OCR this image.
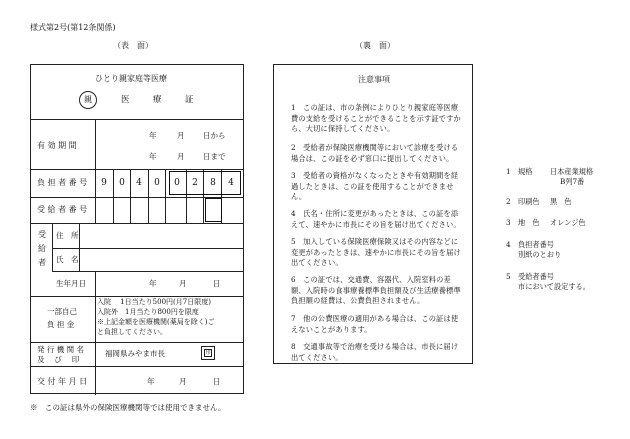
様式第2号(第12条関係)
（表　面）	（裏　面）
ひとり親家庭等医療
親	医	療	証
有 効 期 間
年	月 日から
年	月 日まで
負 担 者 番 号	9	0	4	0	0	2	8	4
受 給 者 番 号
受
給
者
住　所
氏　名
生年月日	年	月	日
一部自己
負 担 金
入院　 1日当たり500円(月7日限度)
入院外　1月当たり800円を限度
※上記金額を医療機関(薬局を除く)ご
と負担してください。
発 行 機 関 名
及　 び　 印
福岡県みやま市長	印
交 付 年 月 日	年	月	日
※　この証は県外の保険医療機関等では使用できません。
注意事項
1　この証は、市の条例によりひとり親家庭等医療費の支給を受けることができることを示す証ですから、大切に保持してください。
2　受給者が保険医療機関等において診療を受ける場合は、この証を必ず窓口に提出してください。
3　受給者の資格がなくなったときや有効期間を経過したときは、この証を使用することができません。
4　氏名・住所に変更があったときは、この証を添えて、速やかに市長にその旨を届け出てください。
5　加入している保険医療保険又はその内容などに変更があったときは、速やかに市長にその旨を届け出てください。
6　この証では、交通費、容器代、入院室料の差額、入院時の食事療養標準負担額及び生活療養標準負担額の経費は、公費負担されません。
7　他の公費医療の適用がある場合は、この証は使えないことがあります。
8　交通事故等で治療を受ける場合は、市長に届け出てください。
1 規格 日本産業規格
B列7番
2 印刷色 黒　色
3 地　色 オレンジ色
4 負担者番号
別紙のとおり
5 受給者番号
市において設定する。
